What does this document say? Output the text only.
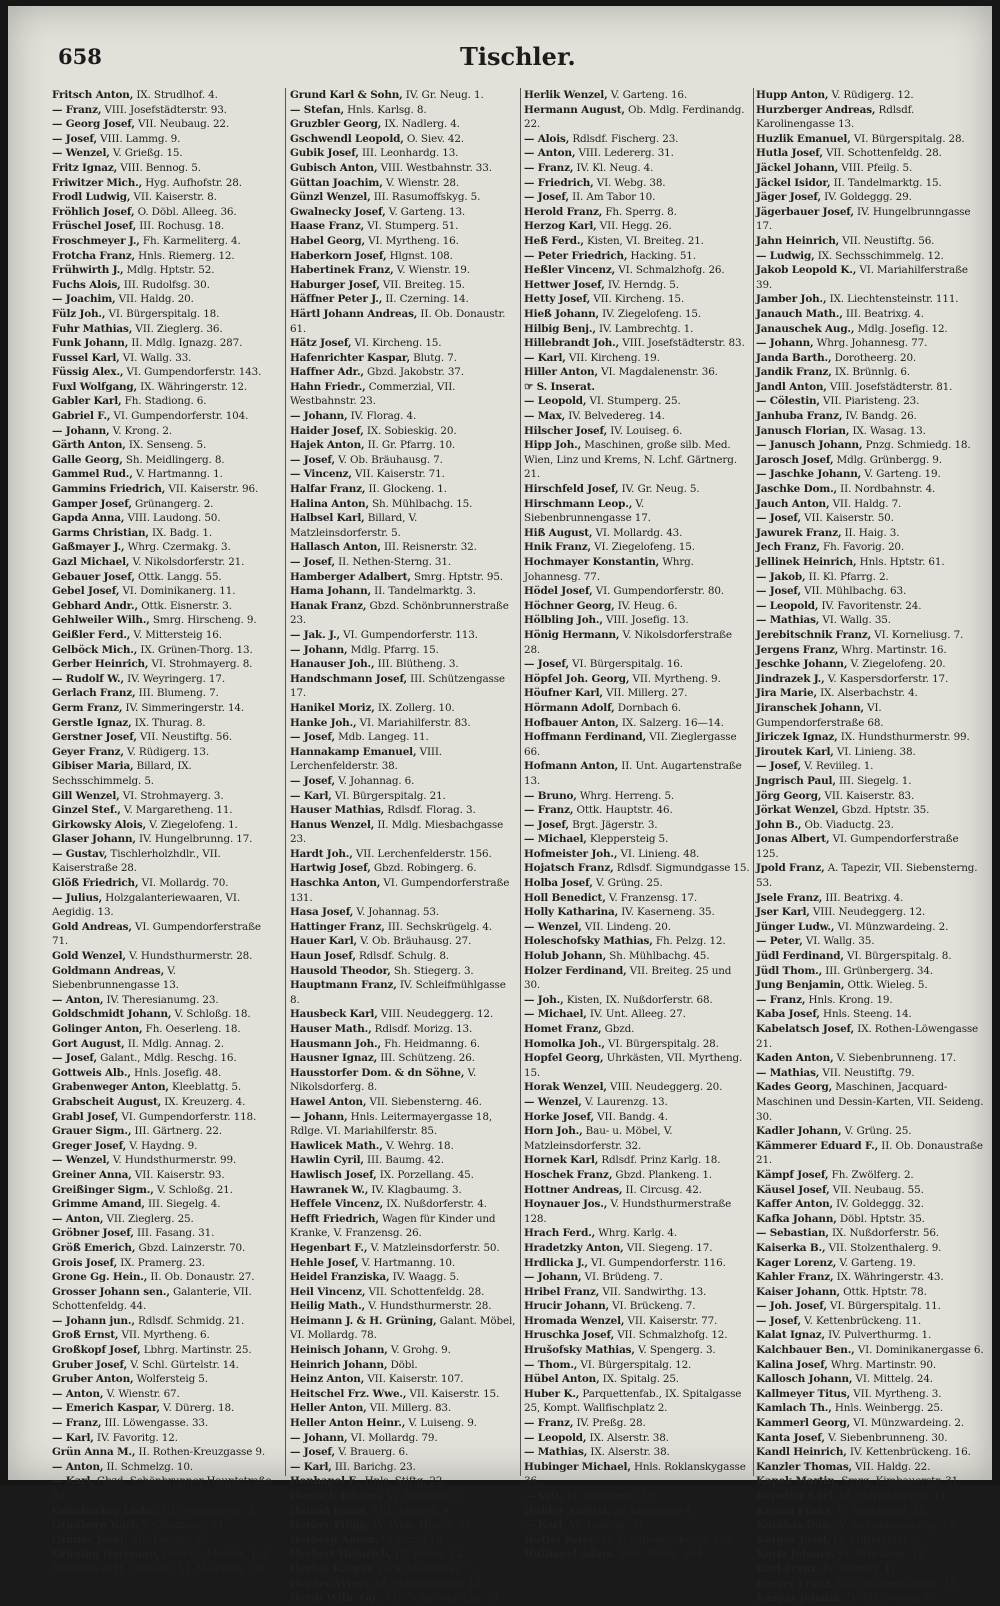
658	Tischler.
Fritsch Anton, IX. Strudlhof. 4.
— Franz, VIII. Josefstädterstr. 93.
— Georg Josef, VII. Neubaug. 22.
— Josef, VIII. Lammg. 9.
— Wenzel, V. Grießg. 15.
Fritz Ignaz, VIII. Bennog. 5.
Friwitzer Mich., Hyg. Aufhofstr. 28.
Frodl Ludwig, VII. Kaiserstr. 8.
Fröhlich Josef, O. Döbl. Alleeg. 36.
Früschel Josef, III. Rochusg. 18.
Froschmeyer J., Fh. Karmeliterg. 4.
Frotcha Franz, Hnls. Riemerg. 12.
Frühwirth J., Mdlg. Hptstr. 52.
Fuchs Alois, III. Rudolfsg. 30.
— Joachim, VII. Haldg. 20.
Fülz Joh., VI. Bürgerspitalg. 18.
Fuhr Mathias, VII. Zieglerg. 36.
Funk Johann, II. Mdlg. Ignazg. 287.
Fussel Karl, VI. Wallg. 33.
Füssig Alex., VI. Gumpendorferstr. 143.
Fuxl Wolfgang, IX. Währingerstr. 12.
Gabler Karl, Fh. Stadiong. 6.
Gabriel F., VI. Gumpendorferstr. 104.
— Johann, V. Krong. 2.
Gärth Anton, IX. Senseng. 5.
Galle Georg, Sh. Meidlingerg. 8.
Gammel Rud., V. Hartmanng. 1.
Gammins Friedrich, VII. Kaiserstr. 96.
Gamper Josef, Grünangerg. 2.
Gapda Anna, VIII. Laudong. 50.
Garms Christian, IX. Badg. 1.
Gaßmayer J., Whrg. Czermakg. 3.
Gazl Michael, V. Nikolsdorferstr. 21.
Gebauer Josef, Ottk. Langg. 55.
Gebel Josef, VI. Dominikanerg. 11.
Gebhard Andr., Ottk. Eisnerstr. 3.
Gehlweiler Wilh., Smrg. Hirscheng. 9.
Geißler Ferd., V. Mittersteig 16.
Gelböck Mich., IX. Grünen-Thorg. 13.
Gerber Heinrich, VI. Strohmayerg. 8.
— Rudolf W., IV. Weyringerg. 17.
Gerlach Franz, III. Blumeng. 7.
Germ Franz, IV. Simmeringerstr. 14.
Gerstle Ignaz, IX. Thurag. 8.
Gerstner Josef, VII. Neustiftg. 56.
Geyer Franz, V. Rüdigerg. 13.
Gibiser Maria, Billard, IX. Sechsschimmelg. 5.
Gill Wenzel, VI. Strohmayerg. 3.
Ginzel Stef., V. Margaretheng. 11.
Girkowsky Alois, V. Ziegelofeng. 1.
Glaser Johann, IV. Hungelbrunng. 17.
— Gustav, Tischlerholzhdlr., VII. Kaiserstraße 28.
Glöß Friedrich, VI. Mollardg. 70.
— Julius, Holzgalanteriewaaren, VI. Aegidig. 13.
Gold Andreas, VI. Gumpendorferstraße 71.
Gold Wenzel, V. Hundsthurmerstr. 28.
Goldmann Andreas, V. Siebenbrunnengasse 13.
— Anton, IV. Theresianumg. 23.
Goldschmidt Johann, V. Schloßg. 18.
Golinger Anton, Fh. Oeserleng. 18.
Gort August, II. Mdlg. Annag. 2.
— Josef, Galant., Mdlg. Reschg. 16.
Gottweis Alb., Hnls. Josefig. 48.
Grabenweger Anton, Kleeblattg. 5.
Grabscheit August, IX. Kreuzerg. 4.
Grabl Josef, VI. Gumpendorferstr. 118.
Grauer Sigm., III. Gärtnerg. 22.
Greger Josef, V. Haydng. 9.
— Wenzel, V. Hundsthurmerstr. 99.
Greiner Anna, VII. Kaiserstr. 93.
Greißinger Sigm., V. Schloßg. 21.
Grimme Amand, III. Siegelg. 4.
— Anton, VII. Zieglerg. 25.
Gröbner Josef, III. Fasang. 31.
Größ Emerich, Gbzd. Lainzerstr. 70.
Grois Josef, IX. Pramerg. 23.
Grone Gg. Hein., II. Ob. Donaustr. 27.
Grosser Johann sen., Galanterie, VII. Schottenfeldg. 44.
— Johann jun., Rdlsdf. Schmidg. 21.
Groß Ernst, VII. Myrtheng. 6.
Großkopf Josef, Lbhrg. Martinstr. 25.
Gruber Josef, V. Schl. Gürtelstr. 14.
Gruber Anton, Wolfersteig 5.
— Anton, V. Wienstr. 67.
— Emerich Kaspar, V. Dürerg. 18.
— Franz, III. Löwengasse. 33.
— Karl, IV. Favoritg. 12.
Grün Anna M., II. Rothen-Kreuzgasse 9.
— Anton, II. Schmelzg. 10.
— Karl, Gbzd. Schönbrunner Hauptstraße 83.
Grünbacher Ludw., III. Salesianerg. 5.
Grünberg Karl, V. Gfrornerg. 11.
Grüner Josef, VII. Kandlg. 19.
Grüning Hermann, Galant., Möbeln, F. J. Heimann & H. Grüning, VI. Mollardg. 78.
Grund Karl & Sohn, IV. Gr. Neug. 1.
— Stefan, Hnls. Karlsg. 8.
Gruzbler Georg, IX. Nadlerg. 4.
Gschwendl Leopold, O. Siev. 42.
Gubik Josef, III. Leonhardg. 13.
Gubisch Anton, VIII. Westbahnstr. 33.
Güttan Joachim, V. Wienstr. 28.
Günzl Wenzel, III. Rasumoffskyg. 5.
Gwalnecky Josef, V. Garteng. 13.
Haase Franz, VI. Stumperg. 51.
Habel Georg, VI. Myrtheng. 16.
Haberkorn Josef, Hlgnst. 108.
Habertinek Franz, V. Wienstr. 19.
Haburger Josef, VII. Breiteg. 15.
Häffner Peter J., II. Czerning. 14.
Härtl Johann Andreas, II. Ob. Donaustr. 61.
Hätz Josef, VI. Kircheng. 15.
Hafenrichter Kaspar, Blutg. 7.
Haffner Adr., Gbzd. Jakobstr. 37.
Hahn Friedr., Commerzial, VII. Westbahnstr. 23.
— Johann, IV. Florag. 4.
Haider Josef, IX. Sobieskig. 20.
Hajek Anton, II. Gr. Pfarrg. 10.
— Josef, V. Ob. Bräuhausg. 7.
— Vincenz, VII. Kaiserstr. 71.
Halfar Franz, II. Glockeng. 1.
Halina Anton, Sh. Mühlbachg. 15.
Halbsel Karl, Billard, V. Matzleinsdorferstr. 5.
Hallasch Anton, III. Reisnerstr. 32.
— Josef, II. Nethen-Sterng. 31.
Hamberger Adalbert, Smrg. Hptstr. 95.
Hama Johann, II. Tandelmarktg. 3.
Hanak Franz, Gbzd. Schönbrunnerstraße 23.
— Jak. J., VI. Gumpendorferstr. 113.
— Johann, Mdlg. Pfarrg. 15.
Hanauser Joh., III. Blütheng. 3.
Handschmann Josef, III. Schützengasse 17.
Hanikel Moriz, IX. Zollerg. 10.
Hanke Joh., VI. Mariahilferstr. 83.
— Josef, Mdb. Langeg. 11.
Hannakamp Emanuel, VIII. Lerchenfelderstr. 38.
— Josef, V. Johannag. 6.
— Karl, VI. Bürgerspitalg. 21.
Hauser Mathias, Rdlsdf. Florag. 3.
Hanus Wenzel, II. Mdlg. Miesbachgasse 23.
Hardt Joh., VII. Lerchenfelderstr. 156.
Hartwig Josef, Gbzd. Robingerg. 6.
Haschka Anton, VI. Gumpendorferstraße 131.
Hasa Josef, V. Johannag. 53.
Hattinger Franz, III. Sechskrügelg. 4.
Hauer Karl, V. Ob. Bräuhausg. 27.
Haun Josef, Rdlsdf. Schulg. 8.
Hausold Theodor, Sh. Stiegerg. 3.
Hauptmann Franz, IV. Schleifmühlgasse 8.
Hausbeck Karl, VIII. Neudeggerg. 12.
Hauser Math., Rdlsdf. Morizg. 13.
Hausmann Joh., Fh. Heidmanng. 6.
Hausner Ignaz, III. Schützeng. 26.
Hausstorfer Dom. & dn Söhne, V. Nikolsdorferg. 8.
Hawel Anton, VII. Siebensterng. 46.
— Johann, Hnls. Leitermayergasse 18, Rdlge. VI. Mariahilferstr. 85.
Hawlicek Math., V. Wehrg. 18.
Hawlin Cyril, III. Baumg. 42.
Hawlisch Josef, IX. Porzellang. 45.
Hawranek W., IV. Klagbaumg. 3.
Heffele Vincenz, IX. Nußdorferstr. 4.
Hefft Friedrich, Wagen für Kinder und Kranke, V. Franzensg. 26.
Hegenbart F., V. Matzleinsdorferstr. 50.
Hehle Josef, V. Hartmanng. 10.
Heidel Franziska, IV. Waagg. 5.
Heil Vincenz, VII. Schottenfeldg. 28.
Heilig Math., V. Hundsthurmerstr. 28.
Heimann J. & H. Grüning, Galant. Möbel, VI. Mollardg. 78.
Heinisch Johann, V. Grohg. 9.
Heinrich Johann, Döbl.
Heinz Anton, VII. Kaiserstr. 107.
Heitschel Frz. Wwe., VII. Kaiserstr. 15.
Heller Anton, VII. Millerg. 83.
Heller Anton Heinr., V. Luiseng. 9.
— Johann, VI. Mollardg. 79.
— Josef, V. Brauerg. 6.
— Karl, III. Barichg. 23.
Henhapel F., Hnls. Stiftg. 22.
Henisch Johann, VI. Mollardg. 3.
Henzel Franz, VIII. Albertg. 9.
Herber Filipp, IV. Wbn. Hptstr. 29.
Herberg Anton, Grinzing 18.
Herbert Heinrich, IX. Waisg. 12.
Herbst Kaspar, IV. Schleifmühlg. 5.
Herden Winc., VI. Mondscheing. 15.
Herdt Wilh. Gg., VII. Schottenfeldg. 39.
Herlik Wenzel, V. Garteng. 16.
Hermann August, Ob. Mdlg. Ferdinandg. 22.
— Alois, Rdlsdf. Fischerg. 23.
— Anton, VIII. Ledererg. 31.
— Franz, IV. Kl. Neug. 4.
— Friedrich, VI. Webg. 38.
— Josef, II. Am Tabor 10.
Herold Franz, Fh. Sperrg. 8.
Herzog Karl, VII. Hegg. 26.
Heß Ferd., Kisten, VI. Breiteg. 21.
— Peter Friedrich, Hacking. 51.
Heßler Vincenz, VI. Schmalzhofg. 26.
Hettwer Josef, IV. Herndg. 5.
Hetty Josef, VII. Kircheng. 15.
Hieß Johann, IV. Ziegelofeng. 15.
Hilbig Benj., IV. Lambrechtg. 1.
Hillebrandt Joh., VIII. Josefstädterstr. 83.
— Karl, VII. Kircheng. 19.
Hiller Anton, VI. Magdalenenstr. 36.
☞ S. Inserat.
— Leopold, VI. Stumperg. 25.
— Max, IV. Belvedereg. 14.
Hilscher Josef, IV. Louiseg. 6.
Hipp Joh., Maschinen, große silb. Med. Wien, Linz und Krems, N. Lchf. Gärtnerg. 21.
Hirschfeld Josef, IV. Gr. Neug. 5.
Hirschmann Leop., V. Siebenbrunnengasse 17.
Hiß August, VI. Mollardg. 43.
Hnik Franz, VI. Ziegelofeng. 15.
Hochmayer Konstantin, Whrg. Johannesg. 77.
Hödel Josef, VI. Gumpendorferstr. 80.
Höchner Georg, IV. Heug. 6.
Hölbling Joh., VIII. Josefig. 13.
Hönig Hermann, V. Nikolsdorferstraße 28.
— Josef, VI. Bürgerspitalg. 16.
Höpfel Joh. Georg, VII. Myrtheng. 9.
Höufner Karl, VII. Millerg. 27.
Hörmann Adolf, Dornbach 6.
Hofbauer Anton, IX. Salzerg. 16—14.
Hoffmann Ferdinand, VII. Zieglergasse 66.
Hofmann Anton, II. Unt. Augartenstraße 13.
— Bruno, Whrg. Herreng. 5.
— Franz, Ottk. Hauptstr. 46.
— Josef, Brgt. Jägerstr. 3.
— Michael, Kleppersteig 5.
Hofmeister Joh., VI. Linieng. 48.
Hojatsch Franz, Rdlsdf. Sigmundgasse 15.
Holba Josef, V. Grüng. 25.
Holl Benedict, V. Franzensg. 17.
Holly Katharina, IV. Kaserneng. 35.
— Wenzel, VII. Lindeng. 20.
Holeschofsky Mathias, Fh. Pelzg. 12.
Holub Johann, Sh. Mühlbachg. 45.
Holzer Ferdinand, VII. Breiteg. 25 und 30.
— Joh., Kisten, IX. Nußdorferstr. 68.
— Michael, IV. Unt. Alleeg. 27.
Homet Franz, Gbzd.
Homolka Joh., VI. Bürgerspitalg. 28.
Hopfel Georg, Uhrkästen, VII. Myrtheng. 15.
Horak Wenzel, VIII. Neudeggerg. 20.
— Wenzel, V. Laurenzg. 13.
Horke Josef, VII. Bandg. 4.
Horn Joh., Bau- u. Möbel, V. Matzleinsdorferstr. 32.
Hornek Karl, Rdlsdf. Prinz Karlg. 18.
Hoschek Franz, Gbzd. Plankeng. 1.
Hottner Andreas, II. Circusg. 42.
Hoynauer Jos., V. Hundsthurmerstraße 128.
Hrach Ferd., Whrg. Karlg. 4.
Hradetzky Anton, VII. Siegeng. 17.
Hrdlicka J., VI. Gumpendorferstr. 116.
— Johann, VI. Brüdeng. 7.
Hribel Franz, VII. Sandwirthg. 13.
Hrucir Johann, VI. Brückeng. 7.
Hromada Wenzel, VII. Kaiserstr. 77.
Hruschka Josef, VII. Schmalzhofg. 12.
Hrušofsky Mathias, V. Spengerg. 3.
— Thom., VI. Bürgerspitalg. 12.
Hübel Anton, IX. Spitalg. 25.
Huber K., Parquettenfab., IX. Spitalgasse 25, Kompt. Wallfischplatz 2.
— Franz, IV. Preßg. 28.
— Leopold, IX. Alserstr. 38.
— Mathias, IX. Alserstr. 38.
Hubinger Michael, Hnls. Roklanskygasse 36.
— Veit, VI. Gfrornerg. 10.
Hübler August, IV. Klagbaum 4.
— Karl, VI. Linieng. 31.
Hüttel Peter, VI. Gumpendorferstr. 138.
Hufnagel Adam, Brgt. Feldg. 104.
Hupp Anton, V. Rüdigerg. 12.
Hurzberger Andreas, Rdlsdf. Karolinengasse 13.
Huzlik Emanuel, VI. Bürgerspitalg. 28.
Hutla Josef, VII. Schottenfeldg. 28.
Jäckel Johann, VIII. Pfeilg. 5.
Jäckel Isidor, II. Tandelmarktg. 15.
Jäger Josef, IV. Goldeggg. 29.
Jägerbauer Josef, IV. Hungelbrunngasse 17.
Jahn Heinrich, VII. Neustiftg. 56.
— Ludwig, IX. Sechsschimmelg. 12.
Jakob Leopold K., VI. Mariahilferstraße 39.
Jamber Joh., IX. Liechtensteinstr. 111.
Janauch Math., III. Beatrixg. 4.
Janauschek Aug., Mdlg. Josefig. 12.
— Johann, Whrg. Johannesg. 77.
Janda Barth., Dorotheerg. 20.
Jandik Franz, IX. Brünnlg. 6.
Jandl Anton, VIII. Josefstädterstr. 81.
— Cölestin, VII. Piaristeng. 23.
Janhuba Franz, IV. Bandg. 26.
Janusch Florian, IX. Wasag. 13.
— Janusch Johann, Pnzg. Schmiedg. 18.
Jarosch Josef, Mdlg. Grünbergg. 9.
— Jaschke Johann, V. Garteng. 19.
Jaschke Dom., II. Nordbahnstr. 4.
Jauch Anton, VII. Haldg. 7.
— Josef, VII. Kaiserstr. 50.
Jawurek Franz, II. Haig. 3.
Jech Franz, Fh. Favorig. 20.
Jellinek Heinrich, Hnls. Hptstr. 61.
— Jakob, II. Kl. Pfarrg. 2.
— Josef, VII. Mühlbachg. 63.
— Leopold, IV. Favoritenstr. 24.
— Mathias, VI. Wallg. 35.
Jerebitschnik Franz, VI. Korneliusg. 7.
Jergens Franz, Whrg. Martinstr. 16.
Jeschke Johann, V. Ziegelofeng. 20.
Jindrazek J., V. Kaspersdorferstr. 17.
Jira Marie, IX. Alserbachstr. 4.
Jiranschek Johann, VI. Gumpendorferstraße 68.
Jiriczek Ignaz, IX. Hundsthurmerstr. 99.
Jiroutek Karl, VI. Linieng. 38.
— Josef, V. Reviileg. 1.
Jngrisch Paul, III. Siegelg. 1.
Jörg Georg, VII. Kaiserstr. 83.
Jörkat Wenzel, Gbzd. Hptstr. 35.
John B., Ob. Viaductg. 23.
Jonas Albert, VI. Gumpendorferstraße 125.
Jpold Franz, A. Tapezir, VII. Siebensterng. 53.
Jsele Franz, III. Beatrixg. 4.
Jser Karl, VIII. Neudeggerg. 12.
Jünger Ludw., VI. Münzwardeing. 2.
— Peter, VI. Wallg. 35.
Jüdl Ferdinand, VI. Bürgerspitalg. 8.
Jüdl Thom., III. Grünbergerg. 34.
Jung Benjamin, Ottk. Wieleg. 5.
— Franz, Hnls. Krong. 19.
Kaba Josef, Hnls. Steeng. 14.
Kabelatsch Josef, IX. Rothen-Löwengasse 21.
Kaden Anton, V. Siebenbrunneng. 17.
— Mathias, VII. Neustiftg. 79.
Kades Georg, Maschinen, Jacquard-Maschinen und Dessin-Karten, VII. Seideng. 30.
Kadler Johann, V. Grüng. 25.
Kämmerer Eduard F., II. Ob. Donaustraße 21.
Kämpf Josef, Fh. Zwölferg. 2.
Käusel Josef, VII. Neubaug. 55.
Kaffer Anton, IV. Goldeggg. 32.
Kafka Johann, Döbl. Hptstr. 35.
— Sebastian, IX. Nußdorferstr. 56.
Kaiserka B., VII. Stolzenthalerg. 9.
Kager Lorenz, V. Garteng. 19.
Kahler Franz, IX. Währingerstr. 43.
Kaiser Johann, Ottk. Hptstr. 78.
— Joh. Josef, VI. Bürgerspitalg. 11.
— Josef, V. Kettenbrückeng. 11.
Kalat Ignaz, IV. Pulverthurmg. 1.
Kalchbauer Ben., VI. Dominikanergasse 6.
Kalina Josef, Whrg. Martinstr. 90.
Kallosch Johann, VI. Mittelg. 24.
Kallmeyer Titus, VII. Myrtheng. 3.
Kamlach Th., Hnls. Weinbergg. 25.
Kammerl Georg, VI. Münzwardeing. 2.
Kanta Josef, V. Siebenbrunneng. 30.
Kandl Heinrich, IV. Kettenbrückeng. 16.
Kanzler Thomas, VII. Haldg. 22.
Kapek Martin, Smrg. Kimbauerstr. 31.
Kepeller Karl, VI. Mariahilferstr. 11.
Kaprai Franz, IV. Humboldg. 35.
Karakas Dan., V. Siebenbrunneng. 16.
Karger Josef, IV. Mittersteig 7.
Karla Johann, VI. Brückeng. 11.
Karl Franz, IV. Wienstr. 11.
Karzer Franz, VIII. Stolzenthalerg. 15.
Kaspar Johann, IV. Mittersteig 3.
